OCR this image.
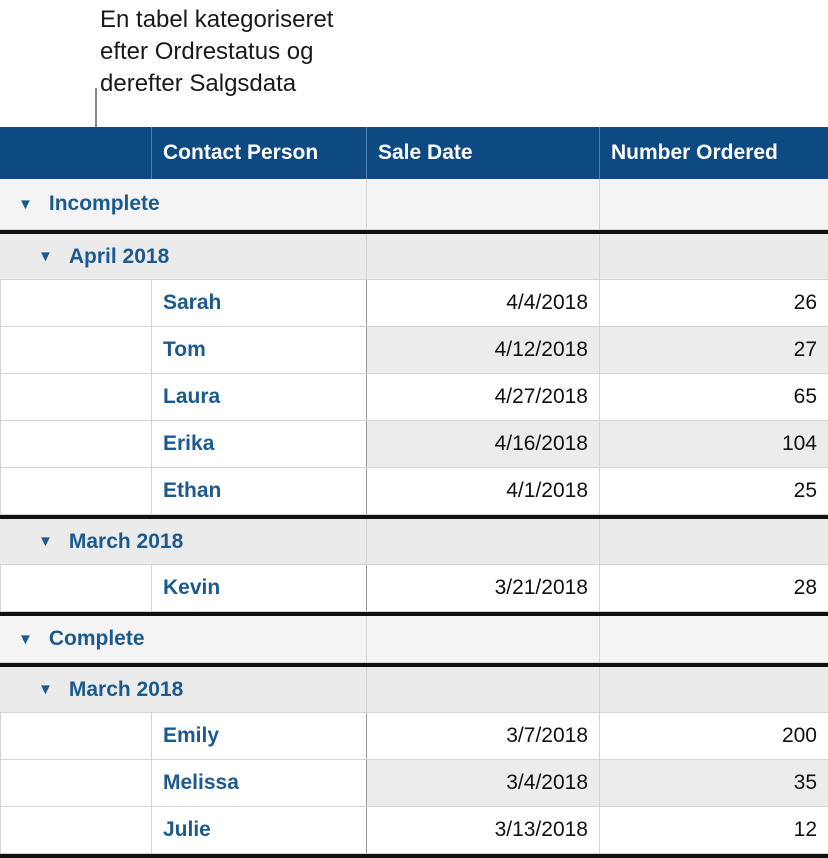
En tabel kategoriseret
efter Ordrestatus og
derefter Salgsdata
Contact Person	Sale Date	Number Ordered
▼ Incomplete
▼ April 2018
Sarah	4/4/2018	26
Tom	4/12/2018	27
Laura	4/27/2018	65
Erika	4/16/2018	104
Ethan	4/1/2018	25
▼ March 2018
Kevin	3/21/2018	28
▼ Complete
▼ March 2018
Emily	3/7/2018	200
Melissa	3/4/2018	35
Julie	3/13/2018	12
